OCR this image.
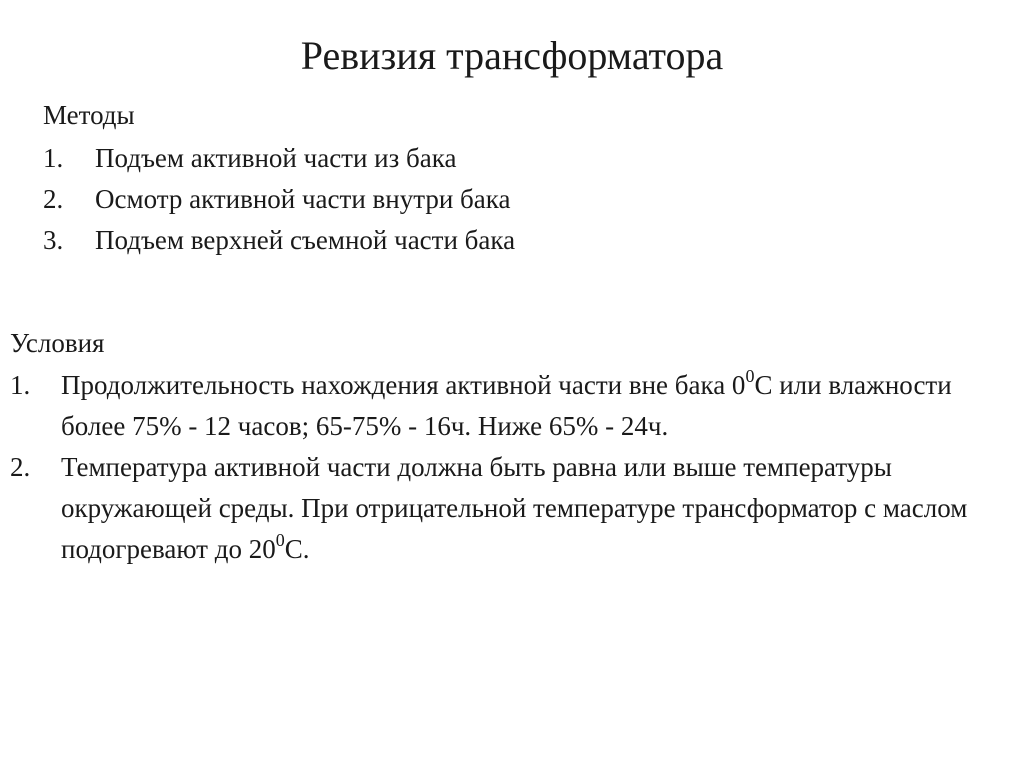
Ревизия трансформатора
Методы
1.	Подъем активной части из бака
2.	Осмотр активной части внутри бака
3.	Подъем верхней съемной части бака
Условия
1.	Продолжительность нахождения активной части вне бака $0^0С$ или влажности более 75% - 12 часов; 65-75% - 16ч. Ниже 65% - 24ч.
2.	Температура активной части должна быть равна или выше температуры окружающей среды. При отрицательной температуре трансформатор с маслом подогревают до $20^0С$.
